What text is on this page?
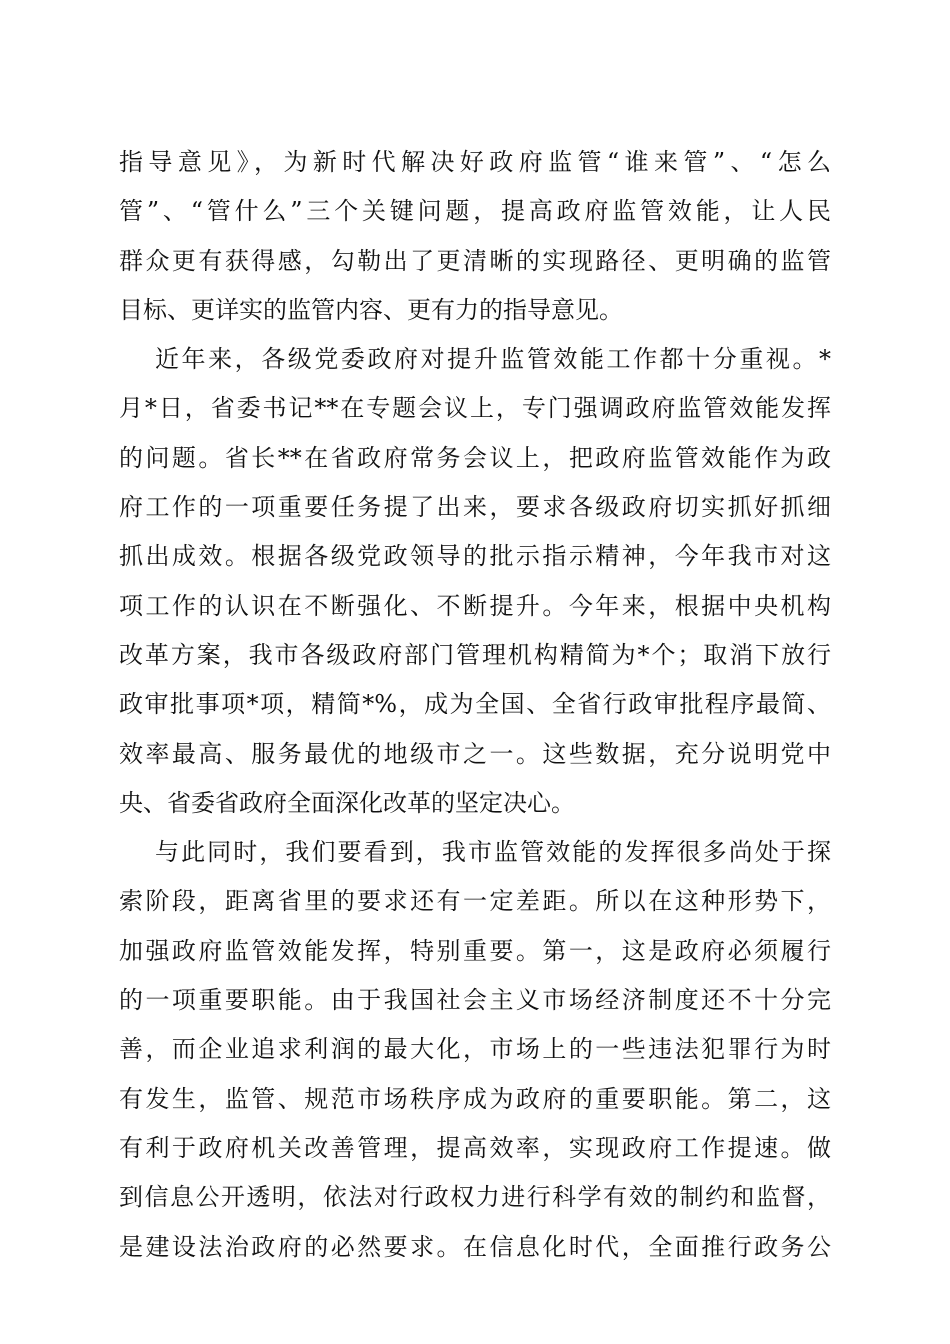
指导意见》，为新时代解决好政府监管“谁来管”、“怎么
管”、“管什么”三个关键问题，提高政府监管效能，让人民
群众更有获得感，勾勒出了更清晰的实现路径、更明确的监管
目标、更详实的监管内容、更有力的指导意见。
近年来，各级党委政府对提升监管效能工作都十分重视。*
月*日，省委书记**在专题会议上，专门强调政府监管效能发挥
的问题。省长**在省政府常务会议上，把政府监管效能作为政
府工作的一项重要任务提了出来，要求各级政府切实抓好抓细
抓出成效。根据各级党政领导的批示指示精神，今年我市对这
项工作的认识在不断强化、不断提升。今年来，根据中央机构
改革方案，我市各级政府部门管理机构精简为*个；取消下放行
政审批事项*项，精简*%，成为全国、全省行政审批程序最简、
效率最高、服务最优的地级市之一。这些数据，充分说明党中
央、省委省政府全面深化改革的坚定决心。
与此同时，我们要看到，我市监管效能的发挥很多尚处于探
索阶段，距离省里的要求还有一定差距。所以在这种形势下，
加强政府监管效能发挥，特别重要。第一，这是政府必须履行
的一项重要职能。由于我国社会主义市场经济制度还不十分完
善，而企业追求利润的最大化，市场上的一些违法犯罪行为时
有发生，监管、规范市场秩序成为政府的重要职能。第二，这
有利于政府机关改善管理，提高效率，实现政府工作提速。做
到信息公开透明，依法对行政权力进行科学有效的制约和监督，
是建设法治政府的必然要求。在信息化时代，全面推行政务公
